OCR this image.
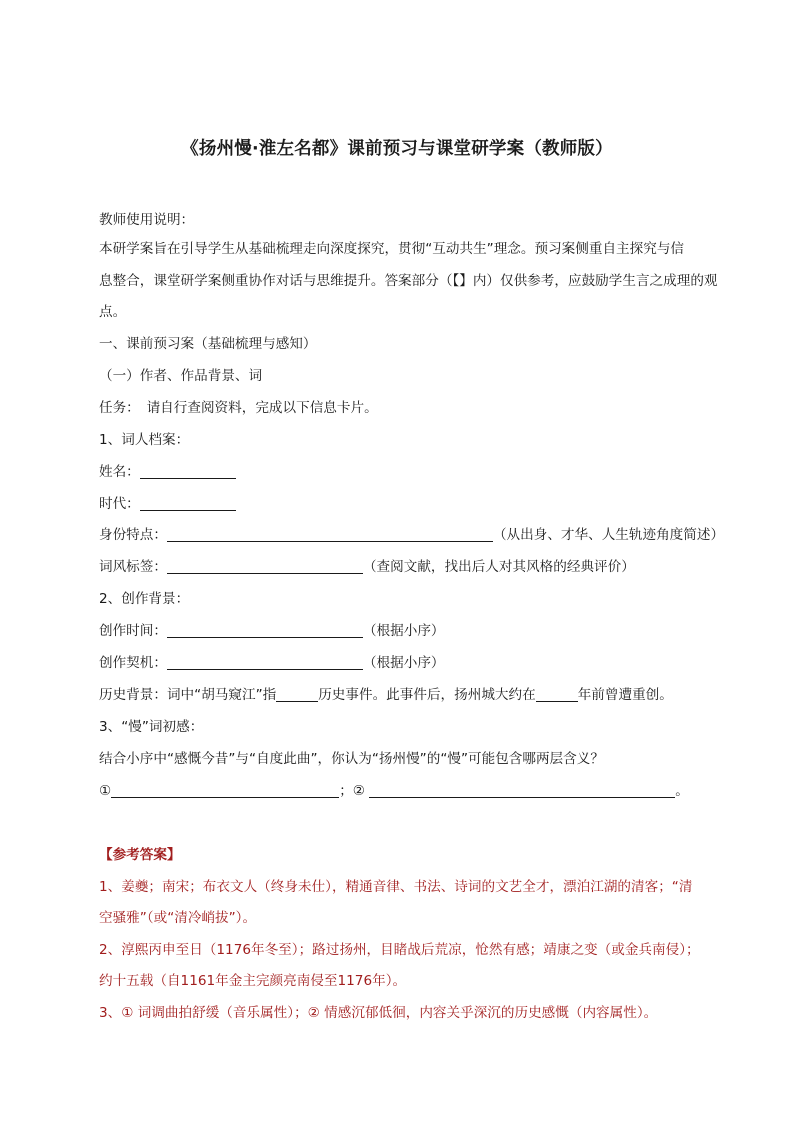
《扬州慢·淮左名都》课前预习与课堂研学案（教师版）
教师使用说明：
本研学案旨在引导学生从基础梳理走向深度探究，贯彻“互动共生”理念。预习案侧重自主探究与信
息整合，课堂研学案侧重协作对话与思维提升。答案部分（【】内）仅供参考，应鼓励学生言之成理的观
点。
一、课前预习案（基础梳理与感知）
（一）作者、作品背景、词
任务：　请自行查阅资料，完成以下信息卡片。
1、词人档案：
姓名：
时代：
身份特点：	（从出身、才华、人生轨迹角度简述）
词风标签：	（查阅文献，找出后人对其风格的经典评价）
2、创作背景：
创作时间：	（根据小序）
创作契机：	（根据小序）
历史背景：词中“胡马窥江”指	历史事件。此事件后，扬州城大约在	年前曾遭重创。
3、“慢”词初感：
结合小序中“感慨今昔”与“自度此曲”，你认为“扬州慢”的“慢”可能包含哪两层含义？
①	；②	。
【参考答案】
1、姜夔；南宋；布衣文人（终身未仕），精通音律、书法、诗词的文艺全才，漂泊江湖的清客；“清
空骚雅”（或“清冷峭拔”）。
2、淳熙丙申至日（1176年冬至）；路过扬州，目睹战后荒凉，怆然有感；靖康之变（或金兵南侵）；
约十五载（自1161年金主完颜亮南侵至1176年）。
3、① 词调曲拍舒缓（音乐属性）；② 情感沉郁低徊，内容关乎深沉的历史感慨（内容属性）。
